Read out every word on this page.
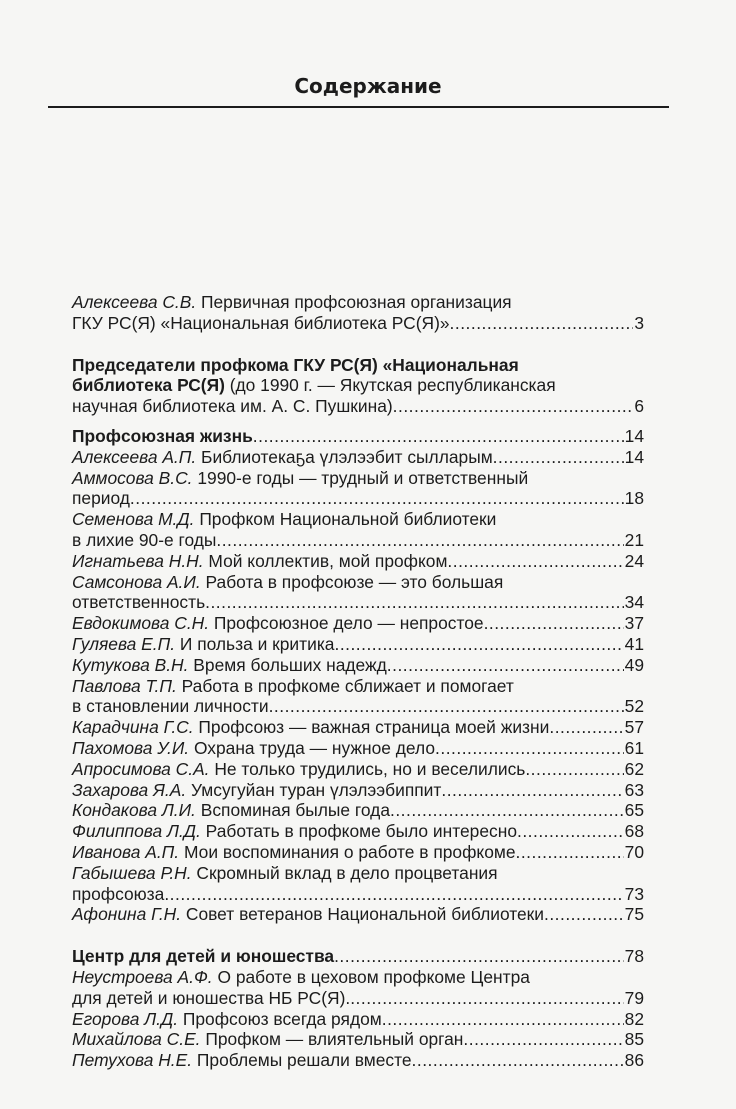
Содержание
Алексеева С.В. Первичная профсоюзная организация
ГКУ РС(Я) «Национальная библиотека РС(Я)» .....	3
Председатели профкома ГКУ РС(Я) «Национальная
библиотека РС(Я) (до 1990 г. — Якутская республиканская
научная библиотека им. А. С. Пушкина) .....	6
Профсоюзная жизнь .....	14
Алексеева А.П. Библиотекаҕа үлэлээбит сылларым .....	14
Аммосова В.С. 1990-е годы — трудный и ответственный
период .....	18
Семенова М.Д. Профком Национальной библиотеки
в лихие 90-е годы .....	21
Игнатьева Н.Н. Мой коллектив, мой профком .....	24
Самсонова А.И. Работа в профсоюзе — это большая
ответственность .....	34
Евдокимова С.Н. Профсоюзное дело — непростое .....	37
Гуляева Е.П. И польза и критика .....	41
Кутукова В.Н. Время больших надежд .....	49
Павлова Т.П. Работа в профкоме сближает и помогает
в становлении личности .....	52
Карадчина Г.С. Профсоюз — важная страница моей жизни .....	57
Пахомова У.И. Охрана труда — нужное дело .....	61
Апросимова С.А. Не только трудились, но и веселились .....	62
Захарова Я.А. Умсугуйан туран үлэлээбиппит .....	63
Кондакова Л.И. Вспоминая былые года .....	65
Филиппова Л.Д. Работать в профкоме было интересно .....	68
Иванова А.П. Мои воспоминания о работе в профкоме .....	70
Габышева Р.Н. Скромный вклад в дело процветания
профсоюза .....	73
Афонина Г.Н. Совет ветеранов Национальной библиотеки .....	75
Центр для детей и юношества .....	78
Неустроева А.Ф. О работе в цеховом профкоме Центра
для детей и юношества НБ РС(Я). .....	79
Егорова Л.Д. Профсоюз всегда рядом .....	82
Михайлова С.Е. Профком — влиятельный орган .....	85
Петухова Н.Е. Проблемы решали вместе .....	86
